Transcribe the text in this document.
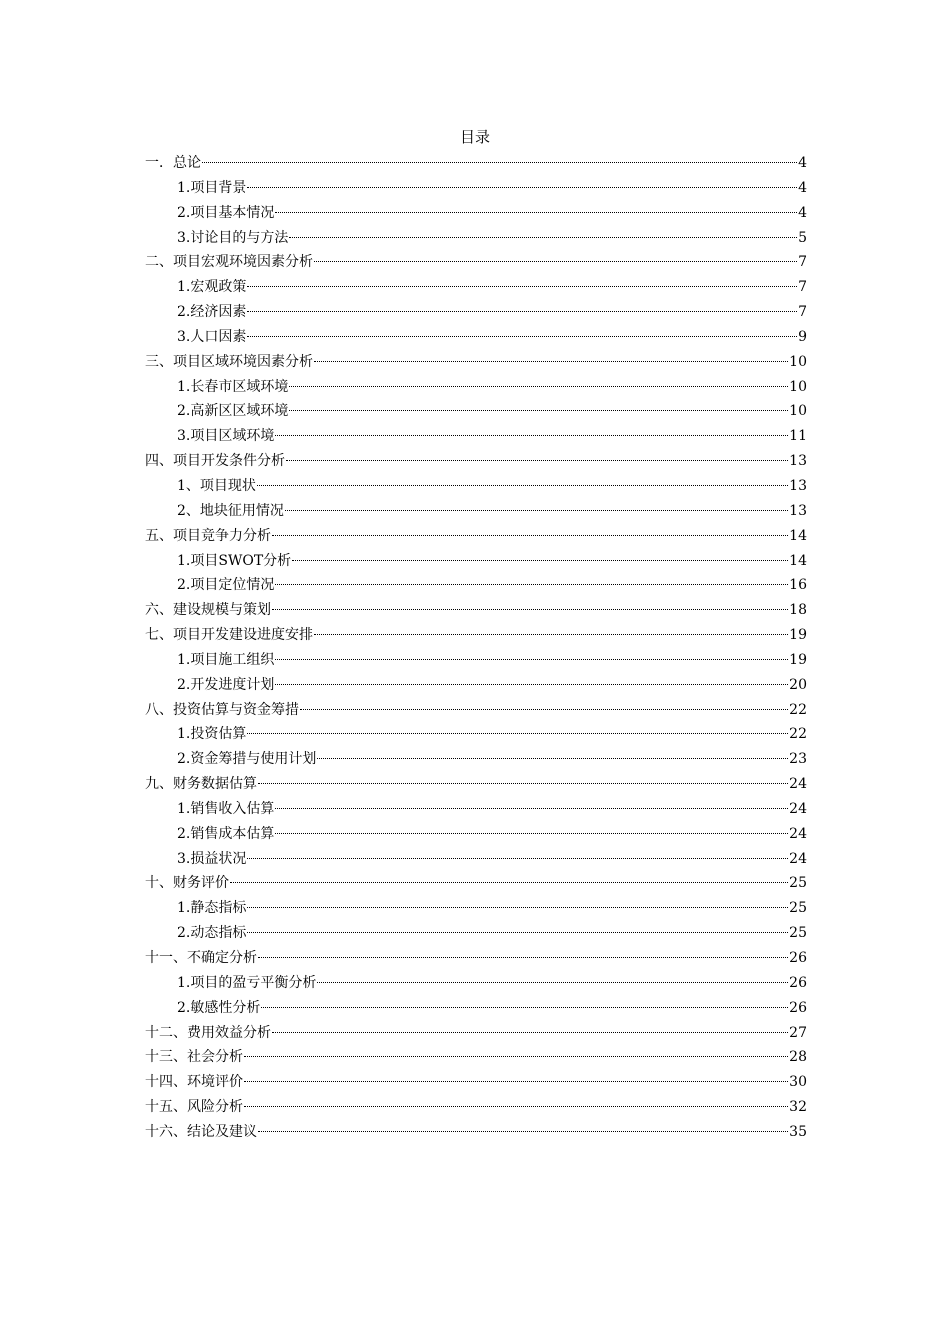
目录
一．总论	4
1.项目背景	4
2.项目基本情况	4
3.讨论目的与方法	5
二、项目宏观环境因素分析	7
1.宏观政策	7
2.经济因素	7
3.人口因素	9
三、项目区域环境因素分析	10
1.长春市区域环境	10
2.高新区区域环境	10
3.项目区域环境	11
四、项目开发条件分析	13
1、项目现状	13
2、地块征用情况	13
五、项目竞争力分析	14
1.项目SWOT分析	14
2.项目定位情况	16
六、建设规模与策划	18
七、项目开发建设进度安排	19
1.项目施工组织	19
2.开发进度计划	20
八、投资估算与资金筹措	22
1.投资估算	22
2.资金筹措与使用计划	23
九、财务数据估算	24
1.销售收入估算	24
2.销售成本估算	24
3.损益状况	24
十、财务评价	25
1.静态指标	25
2.动态指标	25
十一、不确定分析	26
1.项目的盈亏平衡分析	26
2.敏感性分析	26
十二、费用效益分析	27
十三、社会分析	28
十四、环境评价	30
十五、风险分析	32
十六、结论及建议	35
